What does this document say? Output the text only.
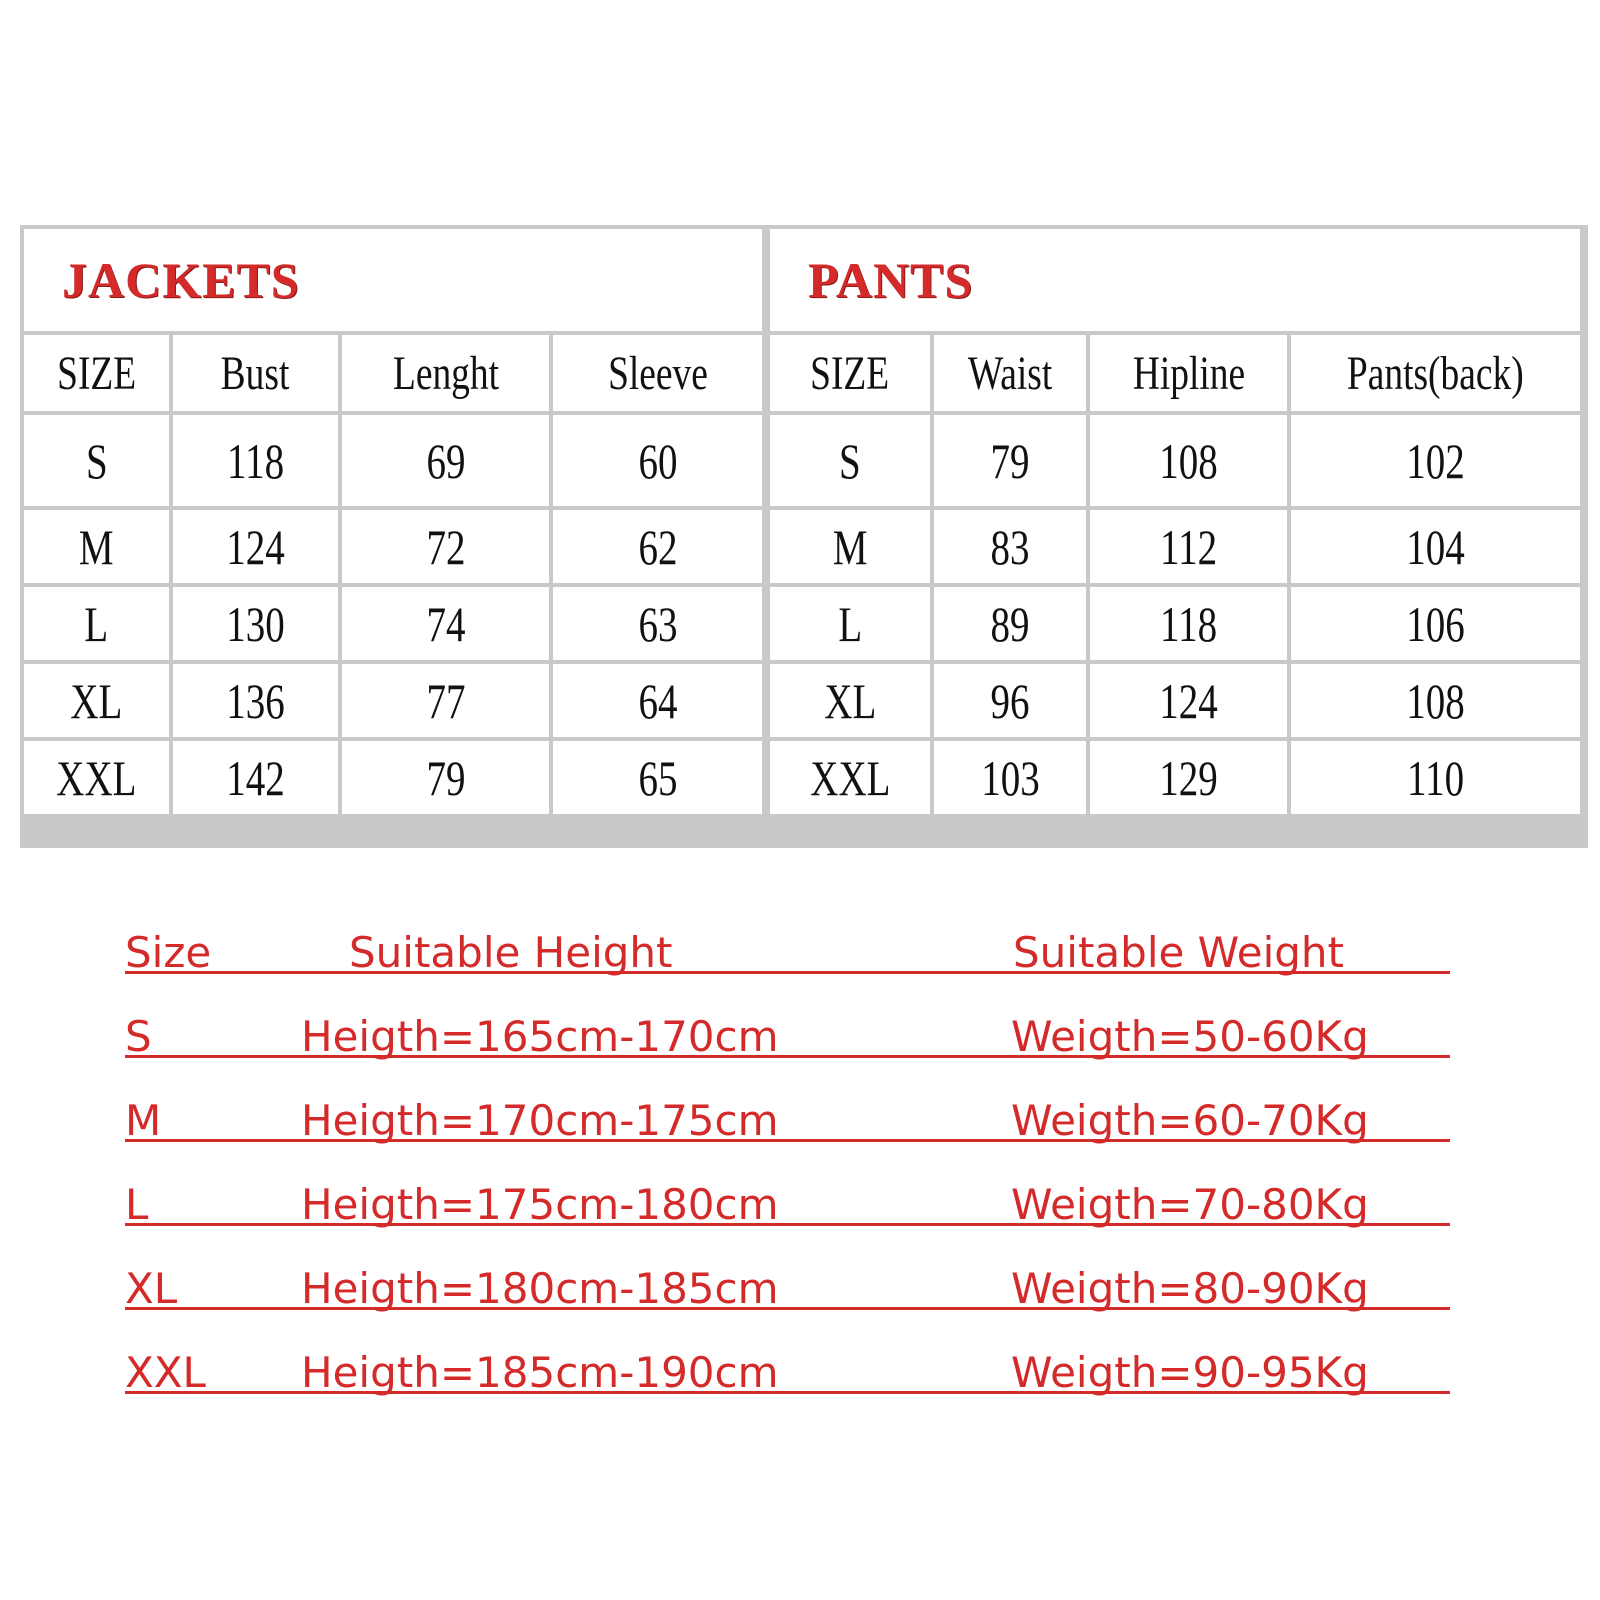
JACKETS
SIZE	Bust	Lenght	Sleeve
S	118	69	60
M	124	72	62
L	130	74	63
XL	136	77	64
XXL	142	79	65
PANTS
SIZE	Waist	Hipline	Pants(back)
S	79	108	102
M	83	112	104
L	89	118	106
XL	96	124	108
XXL	103	129	110
Size	Suitable Height	Suitable Weight
S	Heigth=165cm-170cm	Weigth=50-60Kg
M	Heigth=170cm-175cm	Weigth=60-70Kg
L	Heigth=175cm-180cm	Weigth=70-80Kg
XL	Heigth=180cm-185cm	Weigth=80-90Kg
XXL Heigth=185cm-190cm	Weigth=90-95Kg
